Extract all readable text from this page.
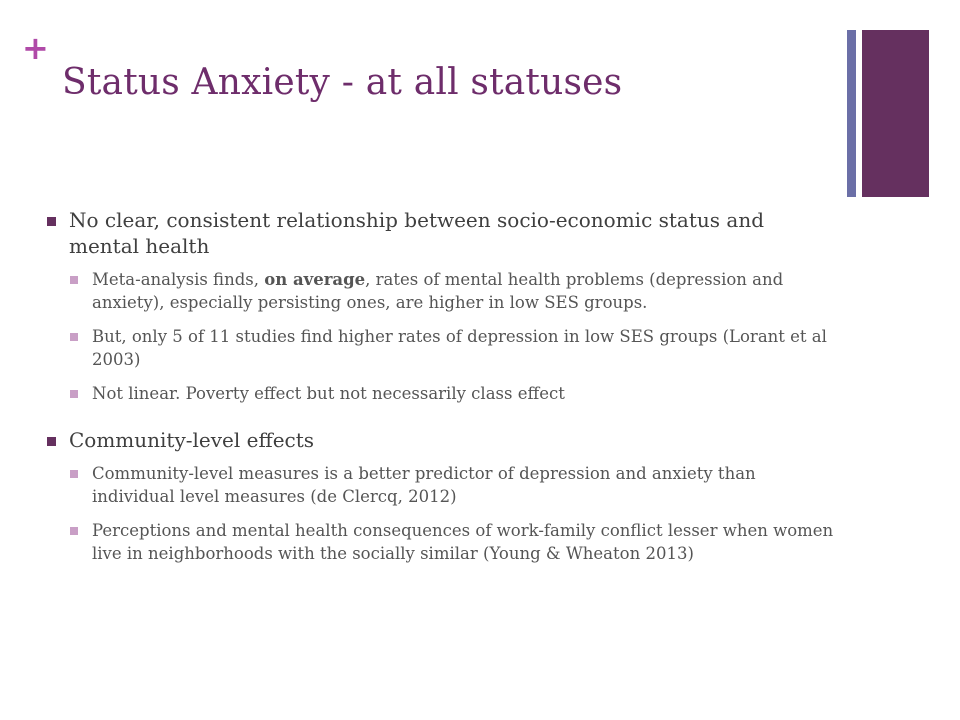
+
Status Anxiety - at all statuses

No clear, consistent relationship between socio-economic status and mental health

Meta-analysis finds, on average, rates of mental health problems (depression and anxiety), especially persisting ones, are higher in low SES groups.

But, only 5 of 11 studies find higher rates of depression in low SES groups (Lorant et al 2003)

Not linear. Poverty effect but not necessarily class effect

Community-level effects

Community-level measures is a better predictor of depression and anxiety than individual level measures (de Clercq, 2012)

Perceptions and mental health consequences of work-family conflict lesser when women live in neighborhoods with the socially similar (Young & Wheaton 2013)
